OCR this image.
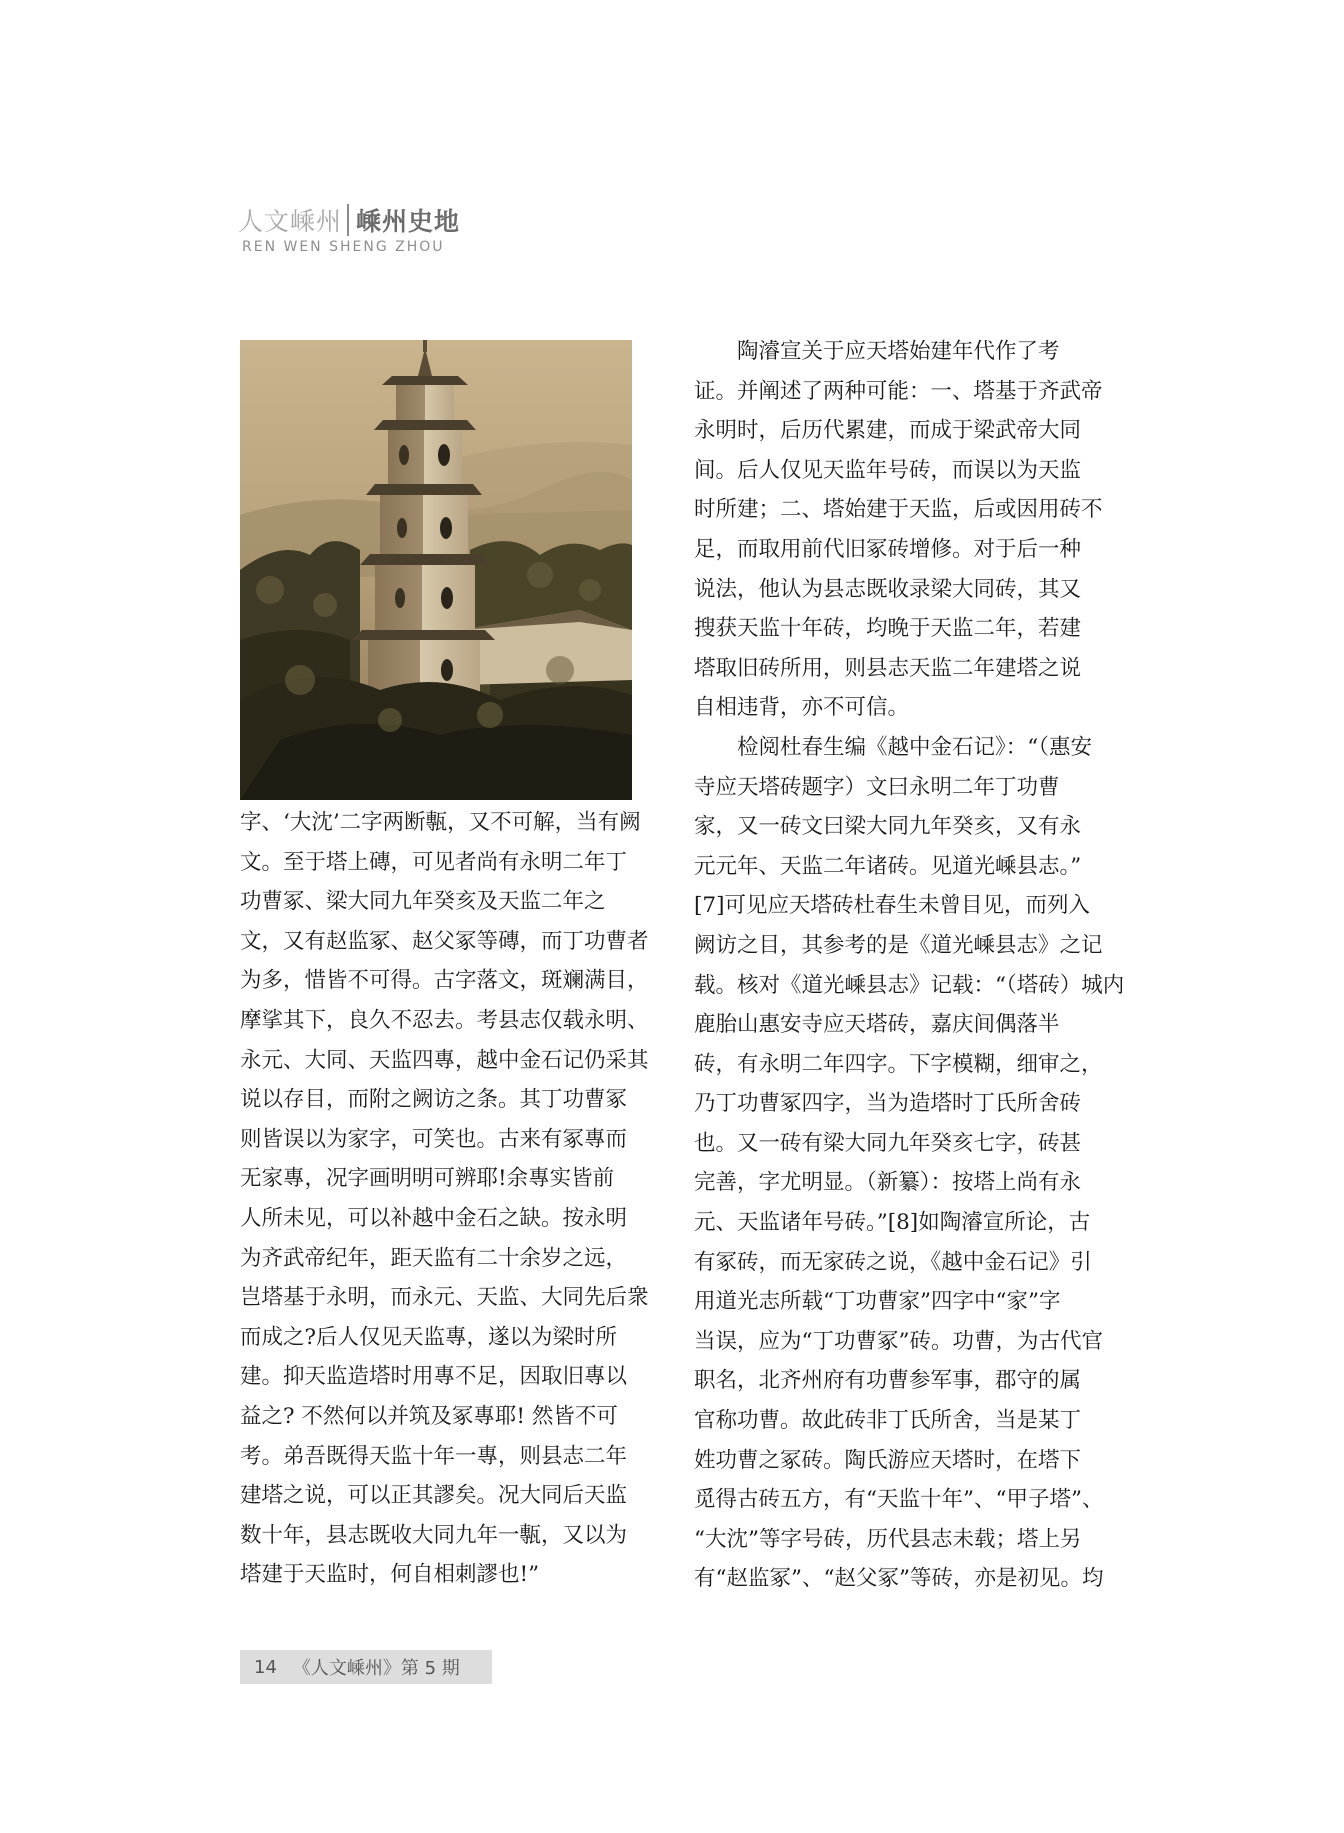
人文嵊州 嵊州史地
REN WEN SHENG ZHOU

字、‘大沈’二字两断甎，又不可解，当有阙

文。至于塔上磚，可见者尚有永明二年丁

功曹冢、梁大同九年癸亥及天监二年之

文，又有赵监冢、赵父冢等磚，而丁功曹者

为多，惜皆不可得。古字落文，斑斓满目，

摩挲其下，良久不忍去。考县志仅载永明、

永元、大同、天监四專，越中金石记仍采其

说以存目，而附之阙访之条。其丁功曹冢

则皆误以为家字，可笑也。古来有冢專而

无家專，况字画明明可辨耶!余專实皆前

人所未见，可以补越中金石之缺。按永明

为齐武帝纪年，距天监有二十余岁之远，

岂塔基于永明，而永元、天监、大同先后衆

而成之?后人仅见天监專，遂以为梁时所

建。抑天监造塔时用專不足，因取旧專以

益之? 不然何以并筑及冢專耶! 然皆不可

考。弟吾既得天监十年一專，则县志二年

建塔之说，可以正其謬矣。况大同后天监

数十年，县志既收大同九年一甎，又以为

塔建于天监时，何自相刺謬也!”

　　陶濬宣关于应天塔始建年代作了考

证。并阐述了两种可能：一、塔基于齐武帝

永明时，后历代累建，而成于梁武帝大同

间。后人仅见天监年号砖，而误以为天监

时所建；二、塔始建于天监，后或因用砖不

足，而取用前代旧冢砖增修。对于后一种

说法，他认为县志既收录梁大同砖，其又

搜获天监十年砖，均晚于天监二年，若建

塔取旧砖所用，则县志天监二年建塔之说

自相违背，亦不可信。

　　检阅杜春生编《越中金石记》：“（惠安

寺应天塔砖题字）文曰永明二年丁功曹

家，又一砖文曰梁大同九年癸亥，又有永

元元年、天监二年诸砖。见道光嵊县志。”

[7]可见应天塔砖杜春生未曾目见，而列入

阙访之目，其参考的是《道光嵊县志》之记

载。核对《道光嵊县志》记载：“（塔砖）城内

鹿胎山惠安寺应天塔砖，嘉庆间偶落半

砖，有永明二年四字。下字模糊，细审之，

乃丁功曹冢四字，当为造塔时丁氏所舍砖

也。又一砖有梁大同九年癸亥七字，砖甚

完善，字尤明显。（新纂）：按塔上尚有永

元、天监诸年号砖。”[8]如陶濬宣所论，古

有冢砖，而无家砖之说，《越中金石记》引

用道光志所载“丁功曹家”四字中“家”字

当误，应为“丁功曹冢”砖。功曹，为古代官

职名，北齐州府有功曹参军事，郡守的属

官称功曹。故此砖非丁氏所舍，当是某丁

姓功曹之冢砖。陶氏游应天塔时，在塔下

觅得古砖五方，有“天监十年”、“甲子塔”、

“大沈”等字号砖，历代县志未载；塔上另

有“赵监冢”、“赵父冢”等砖，亦是初见。均

14 《人文嵊州》第 5 期
